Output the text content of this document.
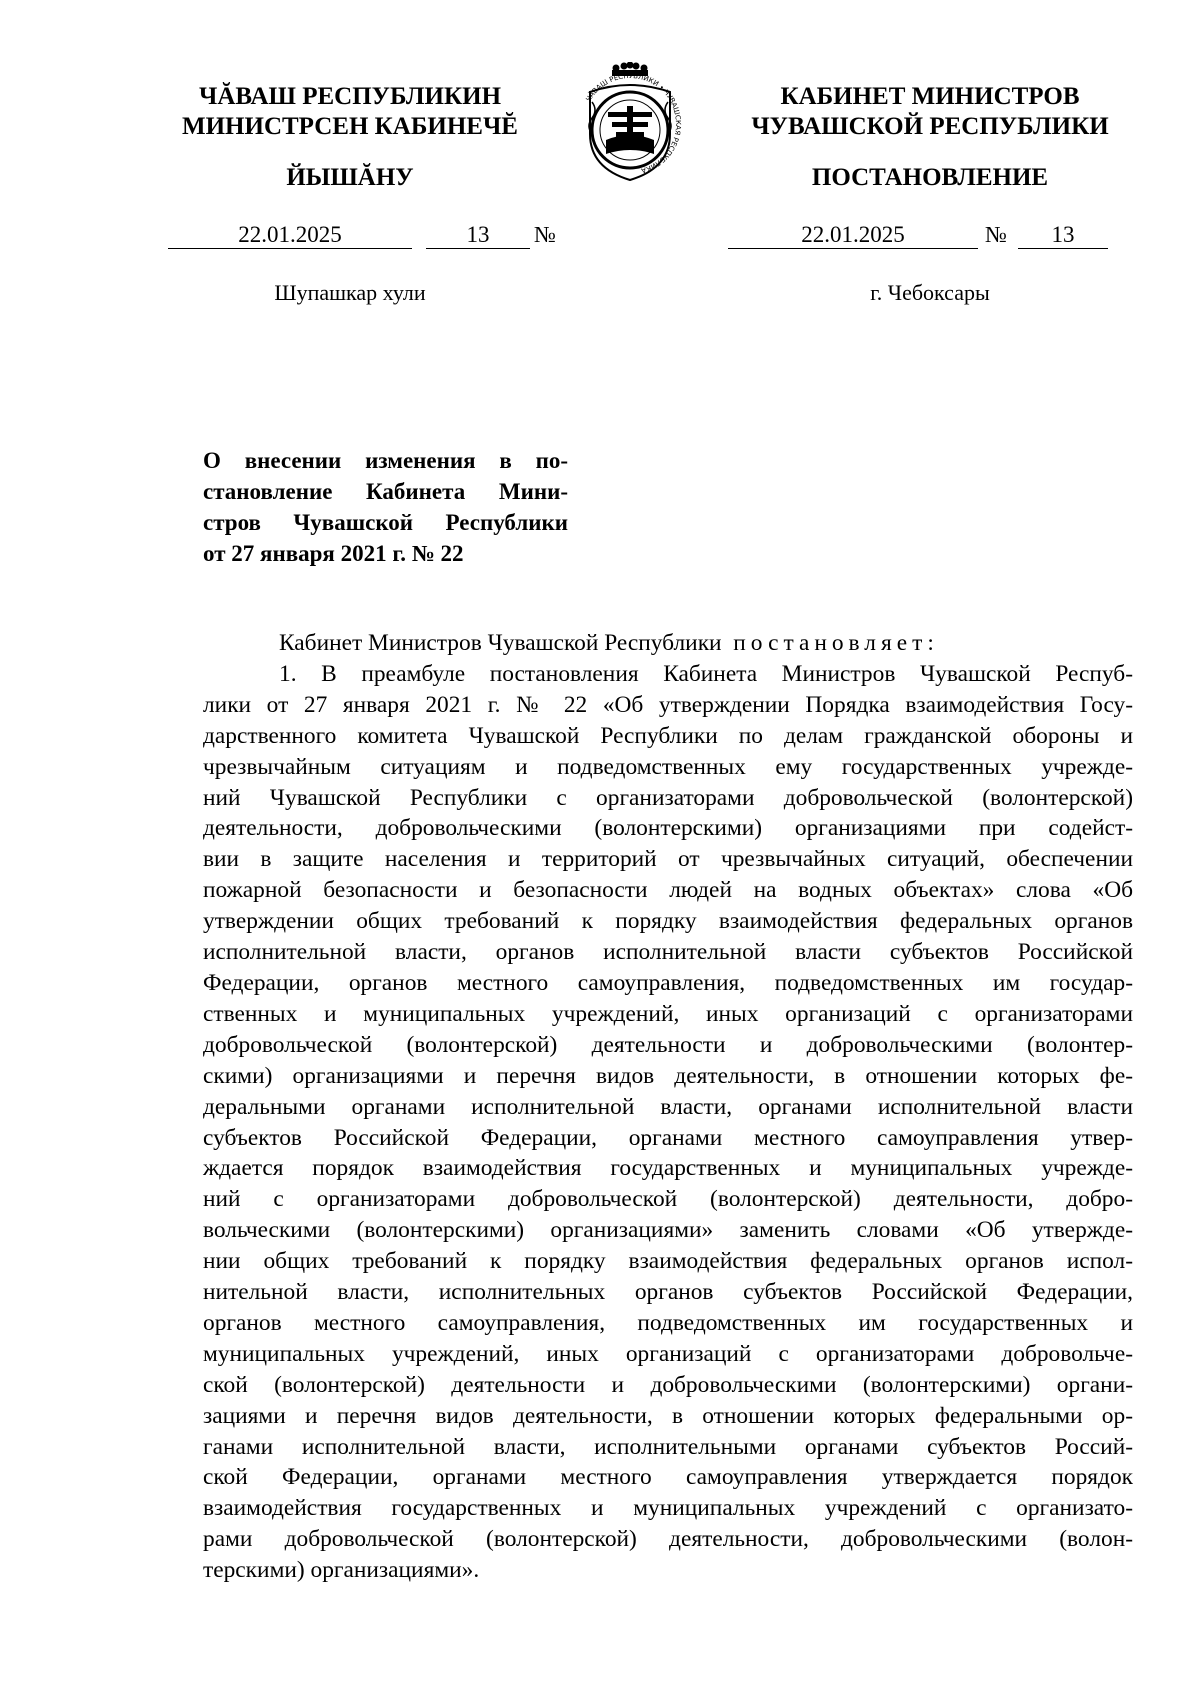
ЧĂВАШ РЕСПУБЛИКИН
МИНИСТРСЕН КАБИНЕЧĔ
ЙЫШĂНУ
ЧĂВАШ РЕСПУБЛИКИ • ЧУВАШСКАЯ РЕСПУБЛИКА
КАБИНЕТ МИНИСТРОВ
ЧУВАШСКОЙ РЕСПУБЛИКИ
ПОСТАНОВЛЕНИЕ
22.01.2025	13	№	22.01.2025	№	13
Шупашкар хули	г. Чебоксары
О внесении изменения в по-
становление Кабинета Мини-
стров Чувашской Республики
от 27 января 2021 г. № 22
Кабинет Министров Чувашской Республики постановляет:
1. В преамбуле постановления Кабинета Министров Чувашской Респуб-
лики от 27 января 2021 г. № 22 «Об утверждении Порядка взаимодействия Госу-
дарственного комитета Чувашской Республики по делам гражданской обороны и
чрезвычайным ситуациям и подведомственных ему государственных учрежде-
ний Чувашской Республики с организаторами добровольческой (волонтерской)
деятельности, добровольческими (волонтерскими) организациями при содейст-
вии в защите населения и территорий от чрезвычайных ситуаций, обеспечении
пожарной безопасности и безопасности людей на водных объектах» слова «Об
утверждении общих требований к порядку взаимодействия федеральных органов
исполнительной власти, органов исполнительной власти субъектов Российской
Федерации, органов местного самоуправления, подведомственных им государ-
ственных и муниципальных учреждений, иных организаций с организаторами
добровольческой (волонтерской) деятельности и добровольческими (волонтер-
скими) организациями и перечня видов деятельности, в отношении которых фе-
деральными органами исполнительной власти, органами исполнительной власти
субъектов Российской Федерации, органами местного самоуправления утвер-
ждается порядок взаимодействия государственных и муниципальных учрежде-
ний с организаторами добровольческой (волонтерской) деятельности, добро-
вольческими (волонтерскими) организациями» заменить словами «Об утвержде-
нии общих требований к порядку взаимодействия федеральных органов испол-
нительной власти, исполнительных органов субъектов Российской Федерации,
органов местного самоуправления, подведомственных им государственных и
муниципальных учреждений, иных организаций с организаторами добровольче-
ской (волонтерской) деятельности и добровольческими (волонтерскими) органи-
зациями и перечня видов деятельности, в отношении которых федеральными ор-
ганами исполнительной власти, исполнительными органами субъектов Россий-
ской Федерации, органами местного самоуправления утверждается порядок
взаимодействия государственных и муниципальных учреждений с организато-
рами добровольческой (волонтерской) деятельности, добровольческими (волон-
терскими) организациями».
